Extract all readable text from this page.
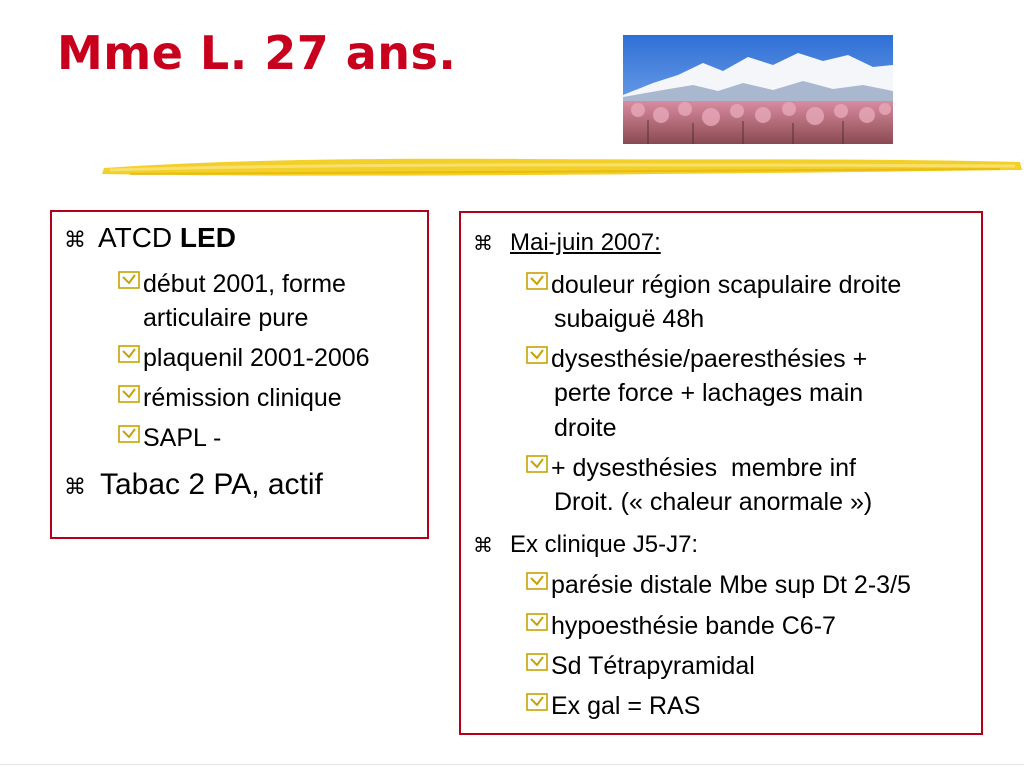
Mme L. 27 ans.
⌘ ATCD LED
début 2001, forme
articulaire pure
plaquenil 2001-2006
rémission clinique
SAPL -
⌘ Tabac 2 PA, actif
⌘ Mai-juin 2007:
douleur région scapulaire droite
subaiguë 48h
dysesthésie/paeresthésies +
perte force + lachages main
droite
+ dysesthésies  membre inf
Droit. (« chaleur anormale »)
⌘ Ex clinique J5-J7:
parésie distale Mbe sup Dt 2-3/5
hypoesthésie bande C6-7
Sd Tétrapyramidal
Ex gal = RAS
